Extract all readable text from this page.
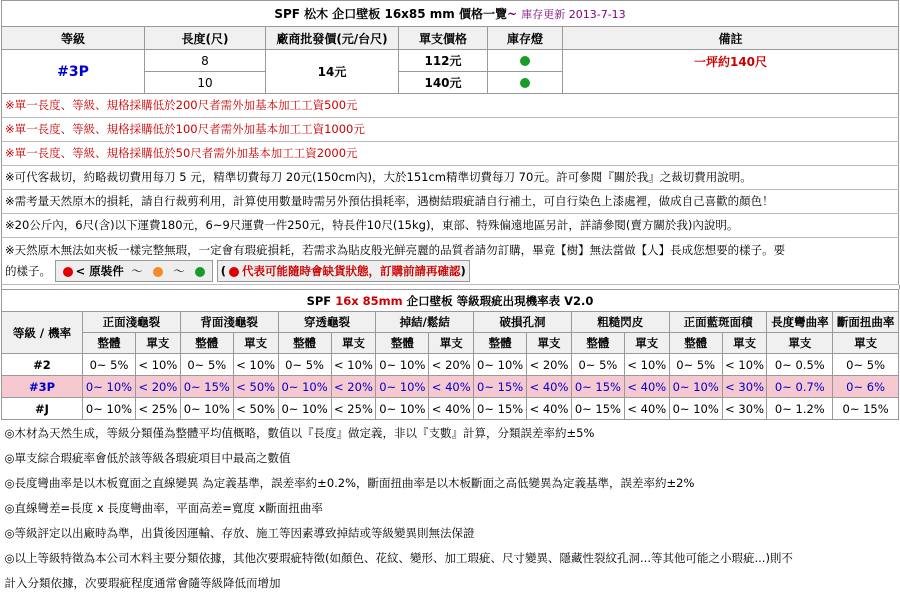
SPF 松木 企口壁板 16x85 mm 價格一覽~ 庫存更新 2013-7-13					
等級	長度(尺)	廠商批發價(元/台尺)	單支價格	庫存燈	備註
#3P	8	14元	112元		一坪約140尺
	10		140元		
※單一長度、等級、規格採購低於200尺者需外加基本加工工資500元
※單一長度、等級、規格採購低於100尺者需外加基本加工工資1000元
※單一長度、等級、規格採購低於50尺者需外加基本加工工資2000元
※可代客裁切，約略裁切費用每刀 5 元，精準切費每刀 20元(150cm內)，大於151cm精準切費每刀 70元。許可參閱『關於我』之裁切費用說明。
※需考量天然原木的損耗，請自行裁剪利用，計算使用數量時需另外預估損耗率，遇樹結瑕疵請自行補土，可自行染色上漆處裡，做成自己喜歡的顏色！
※20公斤內，6尺(含)以下運費180元，6~9尺運費一件250元，特長件10尺(15kg)，東部、特殊偏遠地區另計，詳請參閱(賣方關於我)內說明。
※天然原木無法如夾板一樣完整無瑕，一定會有瑕疵損耗，若需求為貼皮般光鮮亮麗的品質者請勿訂購，畢竟【樹】無法當做【人】長成您想要的樣子。要
的樣子。 < 原裝件 ～	～	( 代表可能隨時會缺貨狀態，訂購前請再確認)
SPF 16x 85mm 企口壁板 等級瑕疵出現機率表 V2.0																
等級 / 機率	正面淺龜裂		背面淺龜裂		穿透龜裂		掉結/鬆結		破損孔洞		粗糙閃皮		正面藍斑面積		長度彎曲率	斷面扭曲率
	整體	單支	整體	單支	整體	單支	整體	單支	整體	單支	整體	單支	整體	單支	單支	單支
#2	0~ 5%	< 10%	0~ 5%	< 10%	0~ 5%	< 10%	0~ 10%	< 20%	0~ 10%	< 20%	0~ 5%	< 10%	0~ 5%	< 10%	0~ 0.5%	0~ 5%
#3P	0~ 10%	< 20%	0~ 15%	< 50%	0~ 10%	< 20%	0~ 10%	< 40%	0~ 15%	< 40%	0~ 15%	< 40%	0~ 10%	< 30%	0~ 0.7%	0~ 6%
#J	0~ 10%	< 25%	0~ 10%	< 50%	0~ 10%	< 25%	0~ 10%	< 40%	0~ 15%	< 40%	0~ 15%	< 40%	0~ 10%	< 30%	0~ 1.2%	0~ 15%
◎木材為天然生成，等級分類僅為整體平均值概略，數值以『長度』做定義，非以『支數』計算，分類誤差率約±5%																
◎單支綜合瑕疵率會低於該等級各瑕疵項目中最高之數值																
◎長度彎曲率是以木板寬面之直線變異 為定義基準，誤差率約±0.2%，斷面扭曲率是以木板斷面之高低變異為定義基準，誤差率約±2%																
◎直線彎差=長度 x 長度彎曲率，平面高差=寬度 x斷面扭曲率																
◎等級評定以出廠時為準，出貨後因運輸、存放、施工等因素導致掉結或等級變異則無法保證																
◎以上等級特徵為本公司木料主要分類依據，其他次要瑕疵特徵(如顏色、花紋、變形、加工瑕疵、尺寸變異、隱藏性裂紋孔洞...等其他可能之小瑕疵...)則不																
計入分類依據，次要瑕疵程度通常會隨等級降低而增加																
